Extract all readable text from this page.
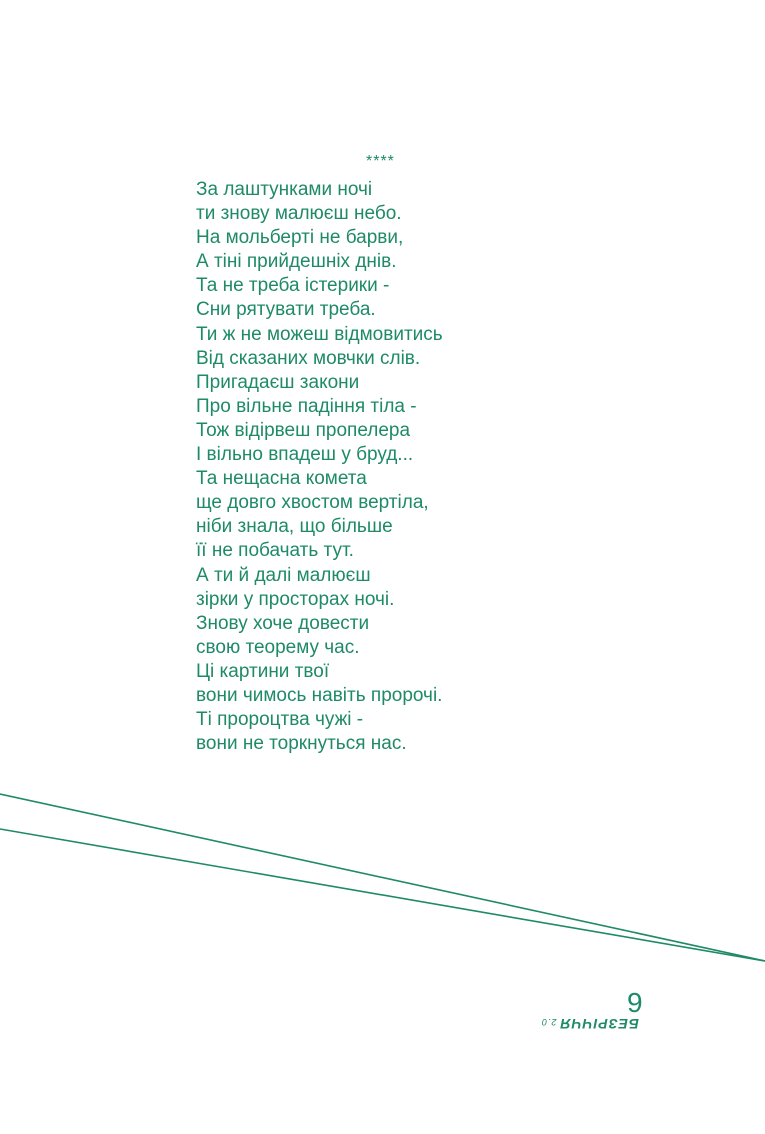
****
За лаштунками ночі
ти знову малюєш небо.
На мольберті не барви,
А тіні прийдешніх днів.
Та не треба істерики -
Сни рятувати треба.
Ти ж не можеш відмовитись
Від сказаних мовчки слів.
Пригадаєш закони
Про вільне падіння тіла -
Тож відірвеш пропелера
І вільно впадеш у бруд...
Та нещасна комета
ще довго хвостом вертіла,
ніби знала, що більше
її не побачать тут.
А ти й далі малюєш
зірки у просторах ночі.
Знову хоче довести
свою теорему час.
Ці картини твої
вони чимось навіть пророчі.
Ті пророцтва чужі -
вони не торкнуться нас.
9
БЕЗРІЧЧЯ2.0
